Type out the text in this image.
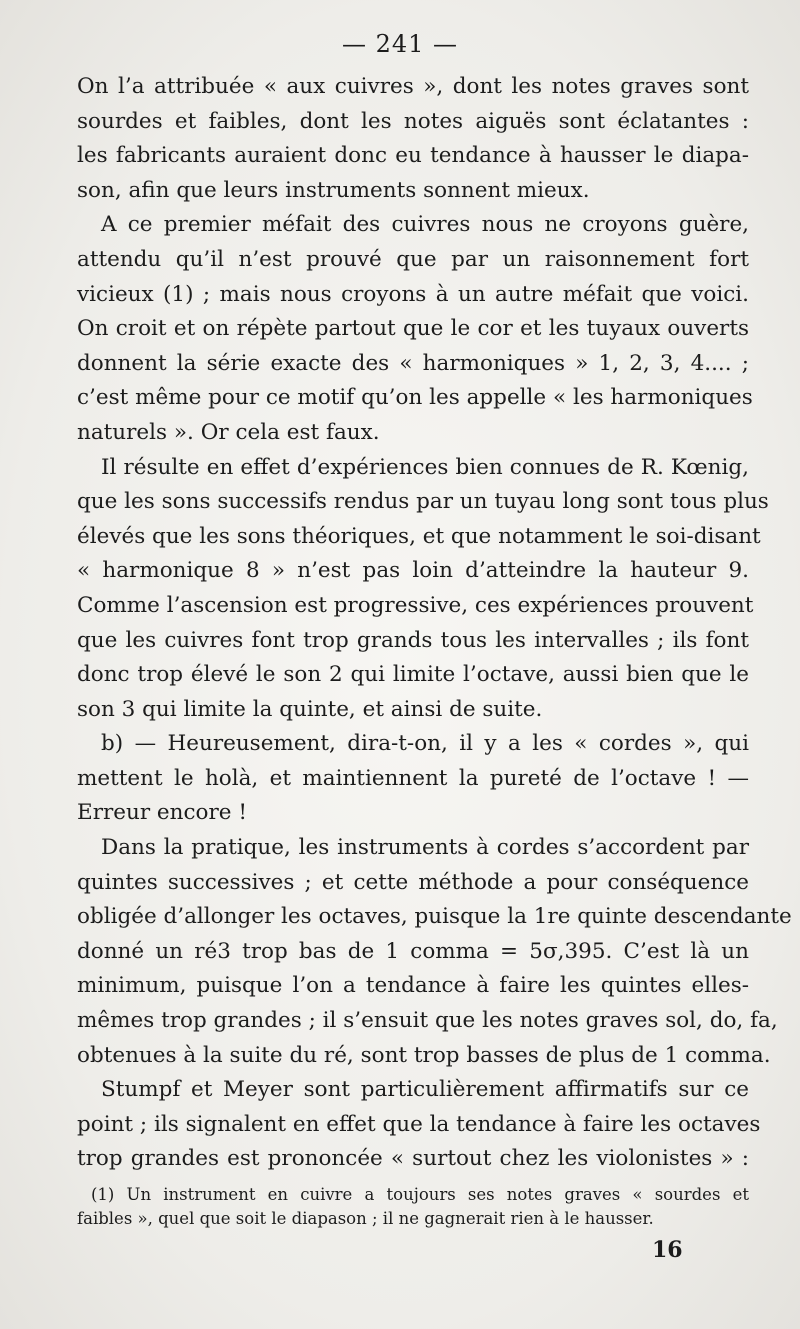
— 241 —
On l’a attribuée « aux cuivres », dont les notes graves sont
sourdes et faibles, dont les notes aiguës sont éclatantes :
les fabricants auraient donc eu tendance à hausser le diapa-
son, afin que leurs instruments sonnent mieux.
A ce premier méfait des cuivres nous ne croyons guère,
attendu qu’il n’est prouvé que par un raisonnement fort
vicieux (1) ; mais nous croyons à un autre méfait que voici.
On croit et on répète partout que le cor et les tuyaux ouverts
donnent la série exacte des « harmoniques » 1, 2, 3, 4.... ;
c’est même pour ce motif qu’on les appelle « les harmoniques
naturels ». Or cela est faux.
Il résulte en effet d’expériences bien connues de R. Kœnig,
que les sons successifs rendus par un tuyau long sont tous plus
élevés que les sons théoriques, et que notamment le soi-disant
« harmonique 8 » n’est pas loin d’atteindre la hauteur 9.
Comme l’ascension est progressive, ces expériences prouvent
que les cuivres font trop grands tous les intervalles ; ils font
donc trop élevé le son 2 qui limite l’octave, aussi bien que le
son 3 qui limite la quinte, et ainsi de suite.
b) — Heureusement, dira-t-on, il y a les « cordes », qui
mettent le holà, et maintiennent la pureté de l’octave ! —
Erreur encore !
Dans la pratique, les instruments à cordes s’accordent par
quintes successives ; et cette méthode a pour conséquence
obligée d’allonger les octaves, puisque la 1re quinte descendante
donné un ré3 trop bas de 1 comma = 5σ,395. C’est là un
minimum, puisque l’on a tendance à faire les quintes elles-
mêmes trop grandes ; il s’ensuit que les notes graves sol, do, fa,
obtenues à la suite du ré, sont trop basses de plus de 1 comma.
Stumpf et Meyer sont particulièrement affirmatifs sur ce
point ; ils signalent en effet que la tendance à faire les octaves
trop grandes est prononcée « surtout chez les violonistes » :
(1) Un instrument en cuivre a toujours ses notes graves « sourdes et
faibles », quel que soit le diapason ; il ne gagnerait rien à le hausser.
16
